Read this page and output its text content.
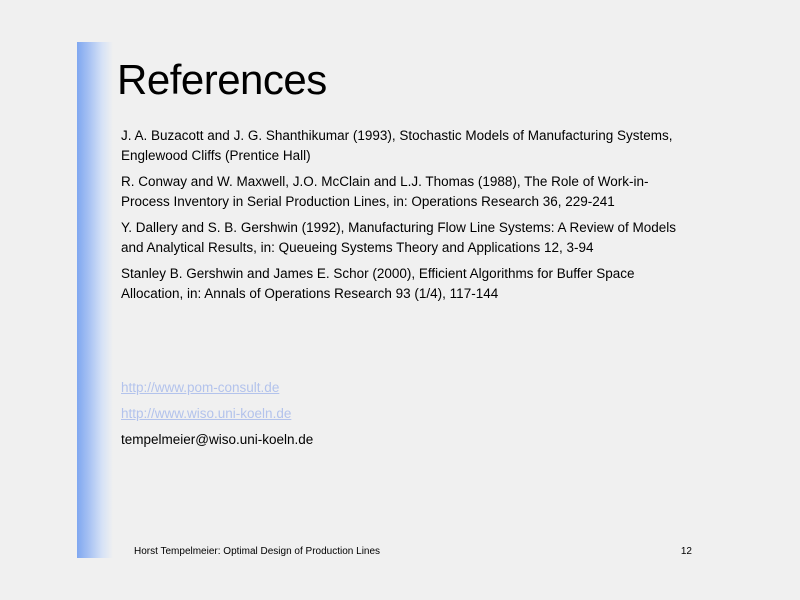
References
J. A. Buzacott and J. G. Shanthikumar (1993), Stochastic Models of Manufacturing Systems, Englewood Cliffs (Prentice Hall)
R. Conway and W. Maxwell, J.O. McClain and L.J. Thomas (1988), The Role of Work-in-Process Inventory in Serial Production Lines, in: Operations Research 36, 229-241
Y. Dallery and S. B. Gershwin (1992), Manufacturing Flow Line Systems: A Review of Models and Analytical Results, in: Queueing Systems Theory and Applications 12, 3-94
Stanley B. Gershwin and James E. Schor (2000), Efficient Algorithms for Buffer Space Allocation, in: Annals of Operations Research 93 (1/4), 117-144
http://www.pom-consult.de
http://www.wiso.uni-koeln.de
tempelmeier@wiso.uni-koeln.de
Horst Tempelmeier: Optimal Design of Production Lines	12
